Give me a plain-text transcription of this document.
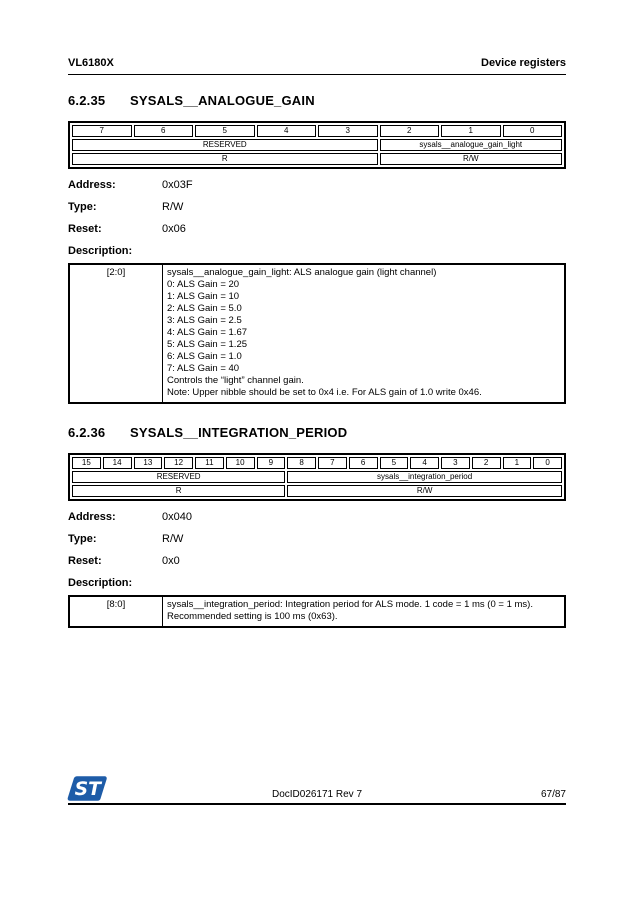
VL6180X	Device registers
6.2.35	SYSALS__ANALOGUE_GAIN
7	6	5	4	3	2	1	0
RESERVED					sysals__analogue_gain_light		
R					R/W		
Address:	0x03F
Type:	R/W
Reset:	0x06
Description:
[2:0]	sysals__analogue_gain_light: ALS analogue gain (light channel)
0: ALS Gain = 20
1: ALS Gain = 10
2: ALS Gain = 5.0
3: ALS Gain = 2.5
4: ALS Gain = 1.67
5: ALS Gain = 1.25
6: ALS Gain = 1.0
7: ALS Gain = 40
Controls the “light” channel gain.
Note: Upper nibble should be set to 0x4 i.e. For ALS gain of 1.0 write 0x46.
6.2.36	SYSALS__INTEGRATION_PERIOD
15	14	13	12	11	10	9	8	7	6	5	4	3	2	1	0
RESERVED							sysals__integration_period								
R							R/W								
Address:	0x040
Type:	R/W
Reset:	0x0
Description:
[8:0]	sysals__integration_period: Integration period for ALS mode. 1 code = 1 ms (0 = 1 ms). Recommended setting is 100 ms (0x63).
ST	DocID026171 Rev 7	67/87
